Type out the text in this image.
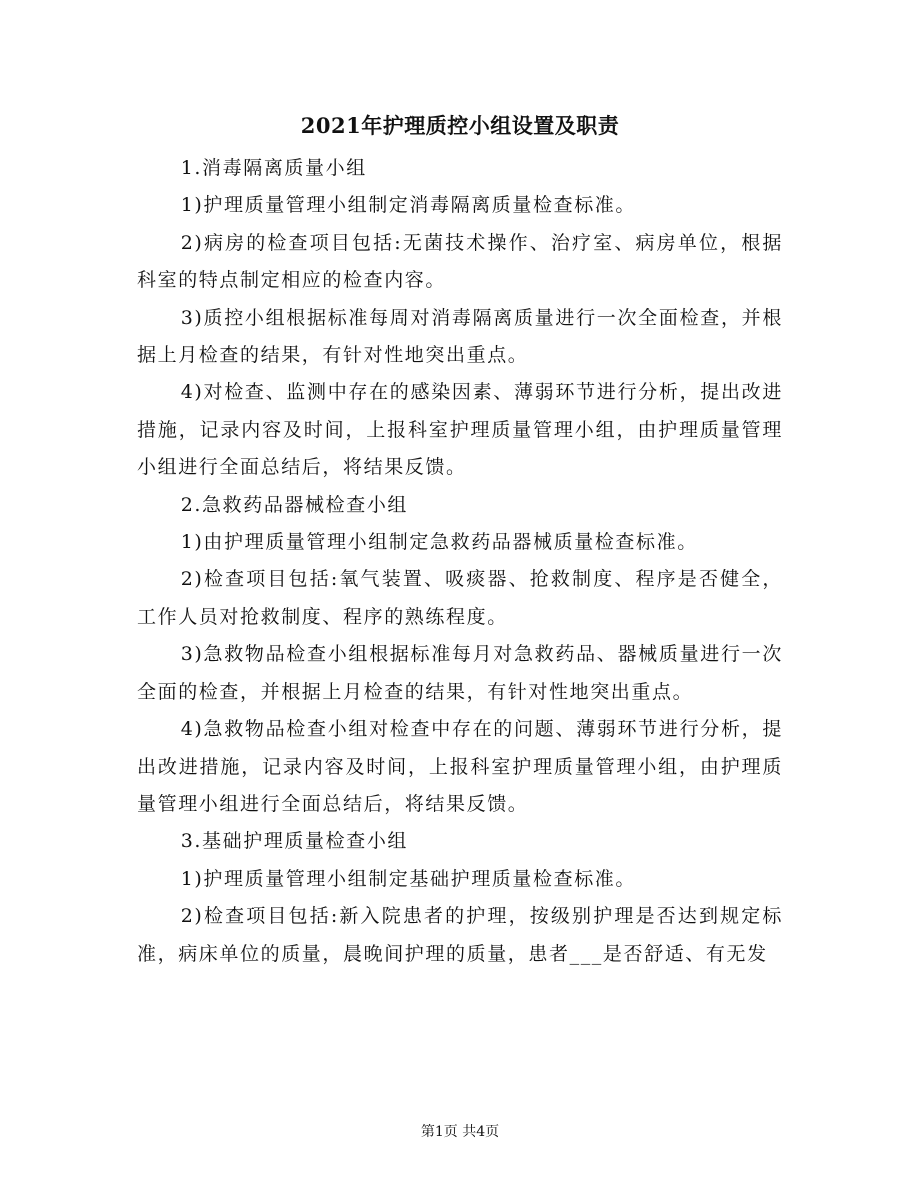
2021年护理质控小组设置及职责

1.消毒隔离质量小组

1)护理质量管理小组制定消毒隔离质量检查标准。

2)病房的检查项目包括:无菌技术操作、治疗室、病房单位，根据科室的特点制定相应的检查内容。

3)质控小组根据标准每周对消毒隔离质量进行一次全面检查，并根据上月检查的结果，有针对性地突出重点。

4)对检查、监测中存在的感染因素、薄弱环节进行分析，提出改进措施，记录内容及时间，上报科室护理质量管理小组，由护理质量管理小组进行全面总结后，将结果反馈。

2.急救药品器械检查小组

1)由护理质量管理小组制定急救药品器械质量检查标准。

2)检查项目包括:氧气装置、吸痰器、抢救制度、程序是否健全，工作人员对抢救制度、程序的熟练程度。

3)急救物品检查小组根据标准每月对急救药品、器械质量进行一次全面的检查，并根据上月检查的结果，有针对性地突出重点。

4)急救物品检查小组对检查中存在的问题、薄弱环节进行分析，提出改进措施，记录内容及时间，上报科室护理质量管理小组，由护理质量管理小组进行全面总结后，将结果反馈。

3.基础护理质量检查小组

1)护理质量管理小组制定基础护理质量检查标准。

2)检查项目包括:新入院患者的护理，按级别护理是否达到规定标准，病床单位的质量，晨晚间护理的质量，患者___是否舒适、有无发

第1页 共4页
